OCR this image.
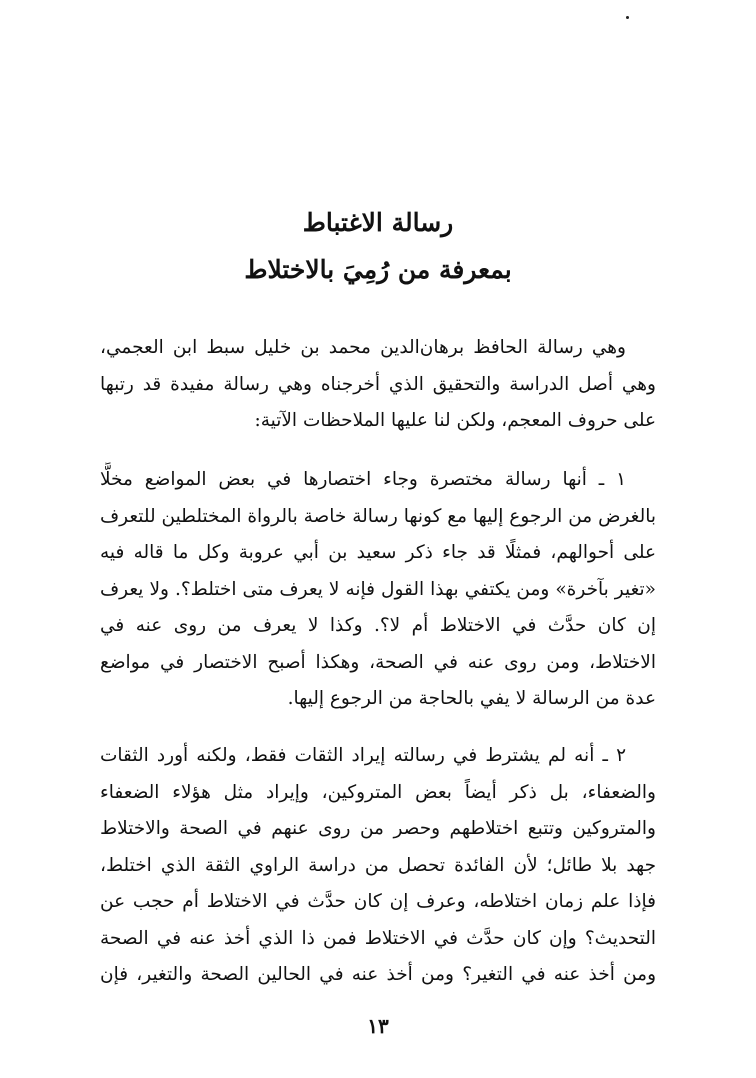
رسالة الاغتباط
بمعرفة من رُمِيَ بالاختلاط
وهي رسالة الحافظ برهان‌الدين محمد بن خليل سبط ابن العجمي،
وهي أصل الدراسة والتحقيق الذي أخرجناه وهي رسالة مفيدة قد رتبها
على حروف المعجم، ولكن لنا عليها الملاحظات الآتية:
١ ـ أنها رسالة مختصرة وجاء اختصارها في بعض المواضع مخلًّا
بالغرض من الرجوع إليها مع كونها رسالة خاصة بالرواة المختلطين للتعرف
على أحوالهم، فمثلًا قد جاء ذكر سعيد بن أبي عروبة وكل ما قاله فيه
«تغير بآخرة» ومن يكتفي بهذا القول فإنه لا يعرف متى اختلط؟. ولا يعرف
إن كان حدَّث في الاختلاط أم لا؟. وكذا لا يعرف من روى عنه في
الاختلاط، ومن روى عنه في الصحة، وهكذا أصبح الاختصار في مواضع
عدة من الرسالة لا يفي بالحاجة من الرجوع إليها.
٢ ـ أنه لم يشترط في رسالته إيراد الثقات فقط، ولكنه أورد الثقات
والضعفاء، بل ذكر أيضاً بعض المتروكين، وإيراد مثل هؤلاء الضعفاء
والمتروكين وتتبع اختلاطهم وحصر من روى عنهم في الصحة والاختلاط
جهد بلا طائل؛ لأن الفائدة تحصل من دراسة الراوي الثقة الذي اختلط،
فإذا علم زمان اختلاطه، وعرف إن كان حدَّث في الاختلاط أم حجب عن
التحديث؟ وإن كان حدَّث في الاختلاط فمن ذا الذي أخذ عنه في الصحة
ومن أخذ عنه في التغير؟ ومن أخذ عنه في الحالين الصحة والتغير، فإن
١٣
